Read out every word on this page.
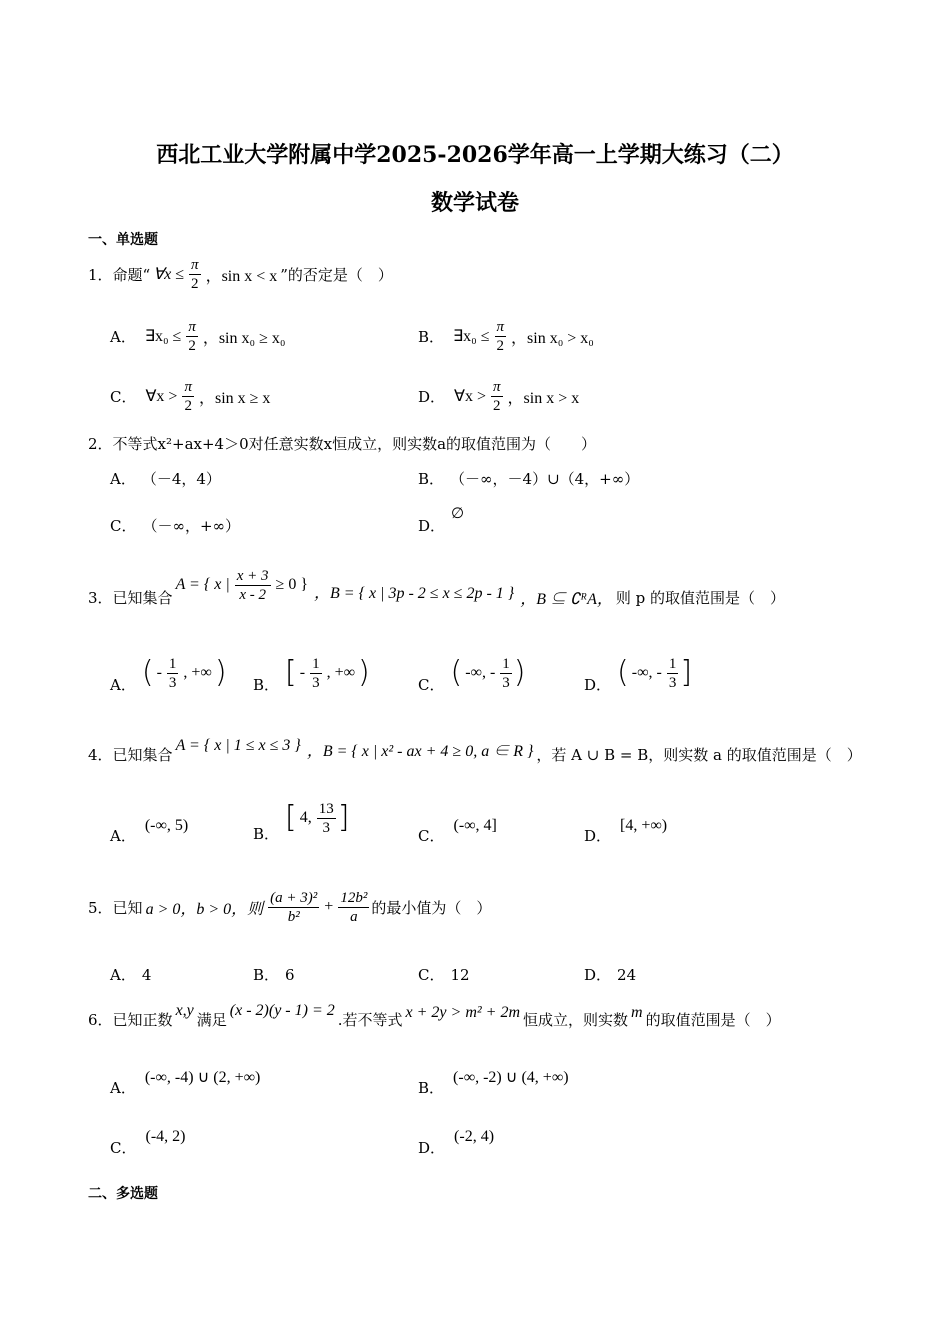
西北工业大学附属中学2025-2026学年高一上学期大练习（二）
数学试卷
一、单选题
1． 命题“ ∀x ≤ $\frac{\pi}{2}$ ，sin x < x ”的否定是（　）
A． ∃x₀ ≤ $\frac{\pi}{2}$ ，sin x₀ ≥ x₀	B． ∃x₀ ≤ $\frac{\pi}{2}$ ，sin x₀ > x₀
C． ∀x > $\frac{\pi}{2}$ ，sin x ≥ x	D． ∀x > $\frac{\pi}{2}$ ，sin x > x
2． 不等式x²+ax+4＞0对任意实数x恒成立，则实数a的取值范围为（　　）
A． （－4，4）	B． （－∞，－4）∪（4，+∞）
C． （－∞，+∞）	D．
∅
3． 已知集合
A = { x | $\frac{x + 3}{x - 2} \ge 0$ } ，B = { x | 3p - 2 ≤ x ≤ 2p - 1 } ，B ⊆ ∁ᴿA， 则 p 的取值范围是（　）
A． ( - $\frac{1}{3}$ , +∞ ) B． [ - $\frac{1}{3}$ , +∞ )	C． ( -∞, - $\frac{1}{3}$ )	D． ( -∞, - $\frac{1}{3}$ ]
4． 已知集合 A = { x | 1 ≤ x ≤ 3 } ，B = { x | x² - ax + 4 ≥ 0, a ∈ R } ，若 A ∪ B = B，则实数 a 的取值范围是（　）
A．
(-∞, 5)	B． [ 4, $\frac{13}{3}$ ]
C．
(-∞, 4]
D．
[4, +∞)
5． 已知 a > 0，b > 0，则 $\frac{\text{(a + 3)²}}{\text{b²}} + \frac{\text{12b²}}{a}$ 的最小值为（　）
A． 4	B． 6	C． 12	D． 24
6． 已知正数 x,y 满足 (x - 2)(y - 1) = 2 .若不等式 x + 2y > m² + 2m 恒成立，则实数 m 的取值范围是（　）
A．
(-∞, -4) ∪ (2, +∞)
B．
(-∞, -2) ∪ (4, +∞)
C．
(-4, 2)
D．
(-2, 4)
二、多选题
